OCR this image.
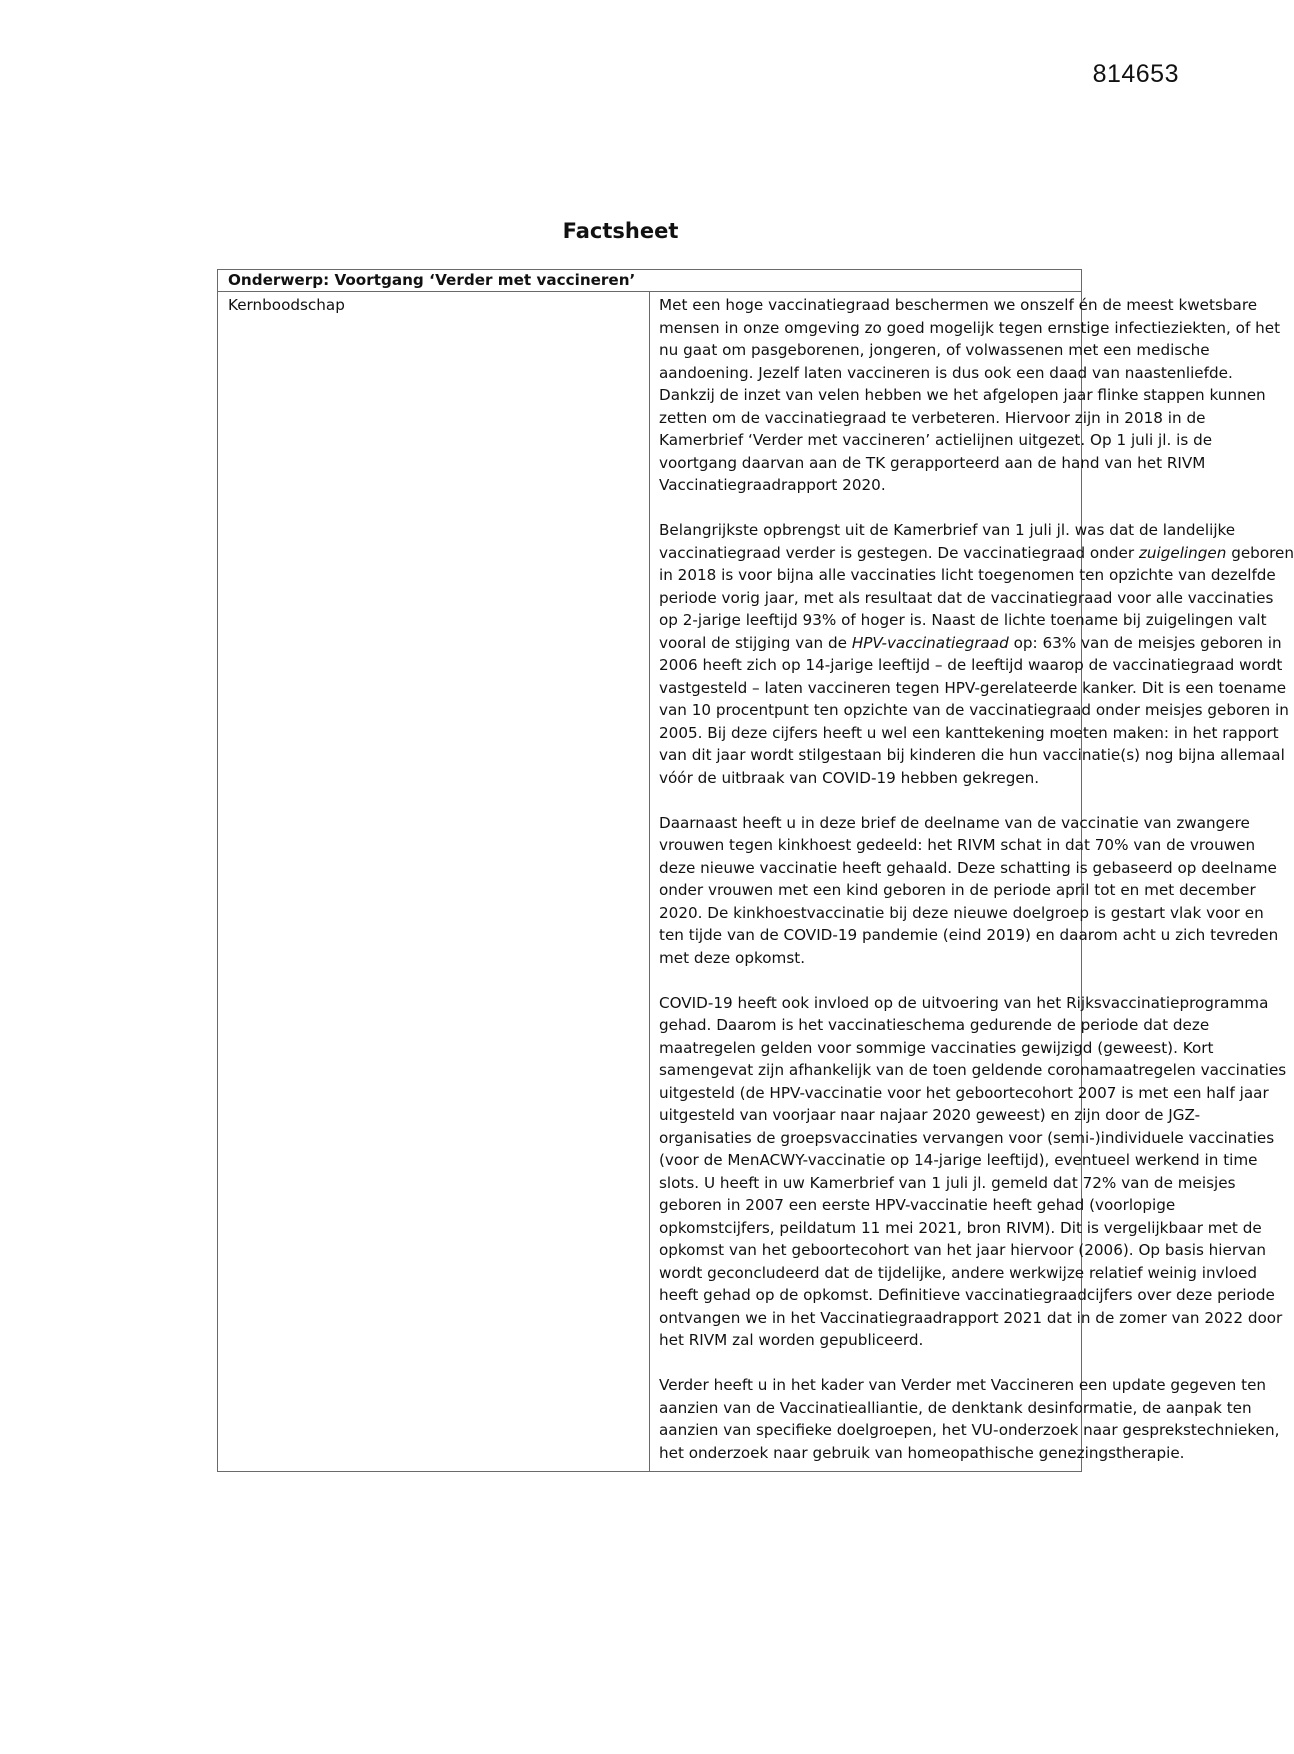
814653
Factsheet
Onderwerp: Voortgang ‘Verder met vaccineren’
Kernboodschap	Met een hoge vaccinatiegraad beschermen we onszelf én de meest kwetsbare
mensen in onze omgeving zo goed mogelijk tegen ernstige infectieziekten, of het
nu gaat om pasgeborenen, jongeren, of volwassenen met een medische
aandoening. Jezelf laten vaccineren is dus ook een daad van naastenliefde.
Dankzij de inzet van velen hebben we het afgelopen jaar flinke stappen kunnen
zetten om de vaccinatiegraad te verbeteren. Hiervoor zijn in 2018 in de
Kamerbrief ‘Verder met vaccineren’ actielijnen uitgezet. Op 1 juli jl. is de
voortgang daarvan aan de TK gerapporteerd aan de hand van het RIVM
Vaccinatiegraadrapport 2020.

Belangrijkste opbrengst uit de Kamerbrief van 1 juli jl. was dat de landelijke
vaccinatiegraad verder is gestegen. De vaccinatiegraad onder zuigelingen geboren
in 2018 is voor bijna alle vaccinaties licht toegenomen ten opzichte van dezelfde
periode vorig jaar, met als resultaat dat de vaccinatiegraad voor alle vaccinaties
op 2-jarige leeftijd 93% of hoger is. Naast de lichte toename bij zuigelingen valt
vooral de stijging van de HPV-vaccinatiegraad op: 63% van de meisjes geboren in
2006 heeft zich op 14-jarige leeftijd – de leeftijd waarop de vaccinatiegraad wordt
vastgesteld – laten vaccineren tegen HPV-gerelateerde kanker. Dit is een toename
van 10 procentpunt ten opzichte van de vaccinatiegraad onder meisjes geboren in
2005. Bij deze cijfers heeft u wel een kanttekening moeten maken: in het rapport
van dit jaar wordt stilgestaan bij kinderen die hun vaccinatie(s) nog bijna allemaal
vóór de uitbraak van COVID-19 hebben gekregen.

Daarnaast heeft u in deze brief de deelname van de vaccinatie van zwangere
vrouwen tegen kinkhoest gedeeld: het RIVM schat in dat 70% van de vrouwen
deze nieuwe vaccinatie heeft gehaald. Deze schatting is gebaseerd op deelname
onder vrouwen met een kind geboren in de periode april tot en met december
2020. De kinkhoestvaccinatie bij deze nieuwe doelgroep is gestart vlak voor en
ten tijde van de COVID-19 pandemie (eind 2019) en daarom acht u zich tevreden
met deze opkomst.

COVID-19 heeft ook invloed op de uitvoering van het Rijksvaccinatieprogramma
gehad. Daarom is het vaccinatieschema gedurende de periode dat deze
maatregelen gelden voor sommige vaccinaties gewijzigd (geweest). Kort
samengevat zijn afhankelijk van de toen geldende coronamaatregelen vaccinaties
uitgesteld (de HPV-vaccinatie voor het geboortecohort 2007 is met een half jaar
uitgesteld van voorjaar naar najaar 2020 geweest) en zijn door de JGZ-
organisaties de groepsvaccinaties vervangen voor (semi-)individuele vaccinaties
(voor de MenACWY-vaccinatie op 14-jarige leeftijd), eventueel werkend in time
slots. U heeft in uw Kamerbrief van 1 juli jl. gemeld dat 72% van de meisjes
geboren in 2007 een eerste HPV-vaccinatie heeft gehad (voorlopige
opkomstcijfers, peildatum 11 mei 2021, bron RIVM). Dit is vergelijkbaar met de
opkomst van het geboortecohort van het jaar hiervoor (2006). Op basis hiervan
wordt geconcludeerd dat de tijdelijke, andere werkwijze relatief weinig invloed
heeft gehad op de opkomst. Definitieve vaccinatiegraadcijfers over deze periode
ontvangen we in het Vaccinatiegraadrapport 2021 dat in de zomer van 2022 door
het RIVM zal worden gepubliceerd.

Verder heeft u in het kader van Verder met Vaccineren een update gegeven ten
aanzien van de Vaccinatiealliantie, de denktank desinformatie, de aanpak ten
aanzien van specifieke doelgroepen, het VU-onderzoek naar gesprekstechnieken,
het onderzoek naar gebruik van homeopathische genezingstherapie.
